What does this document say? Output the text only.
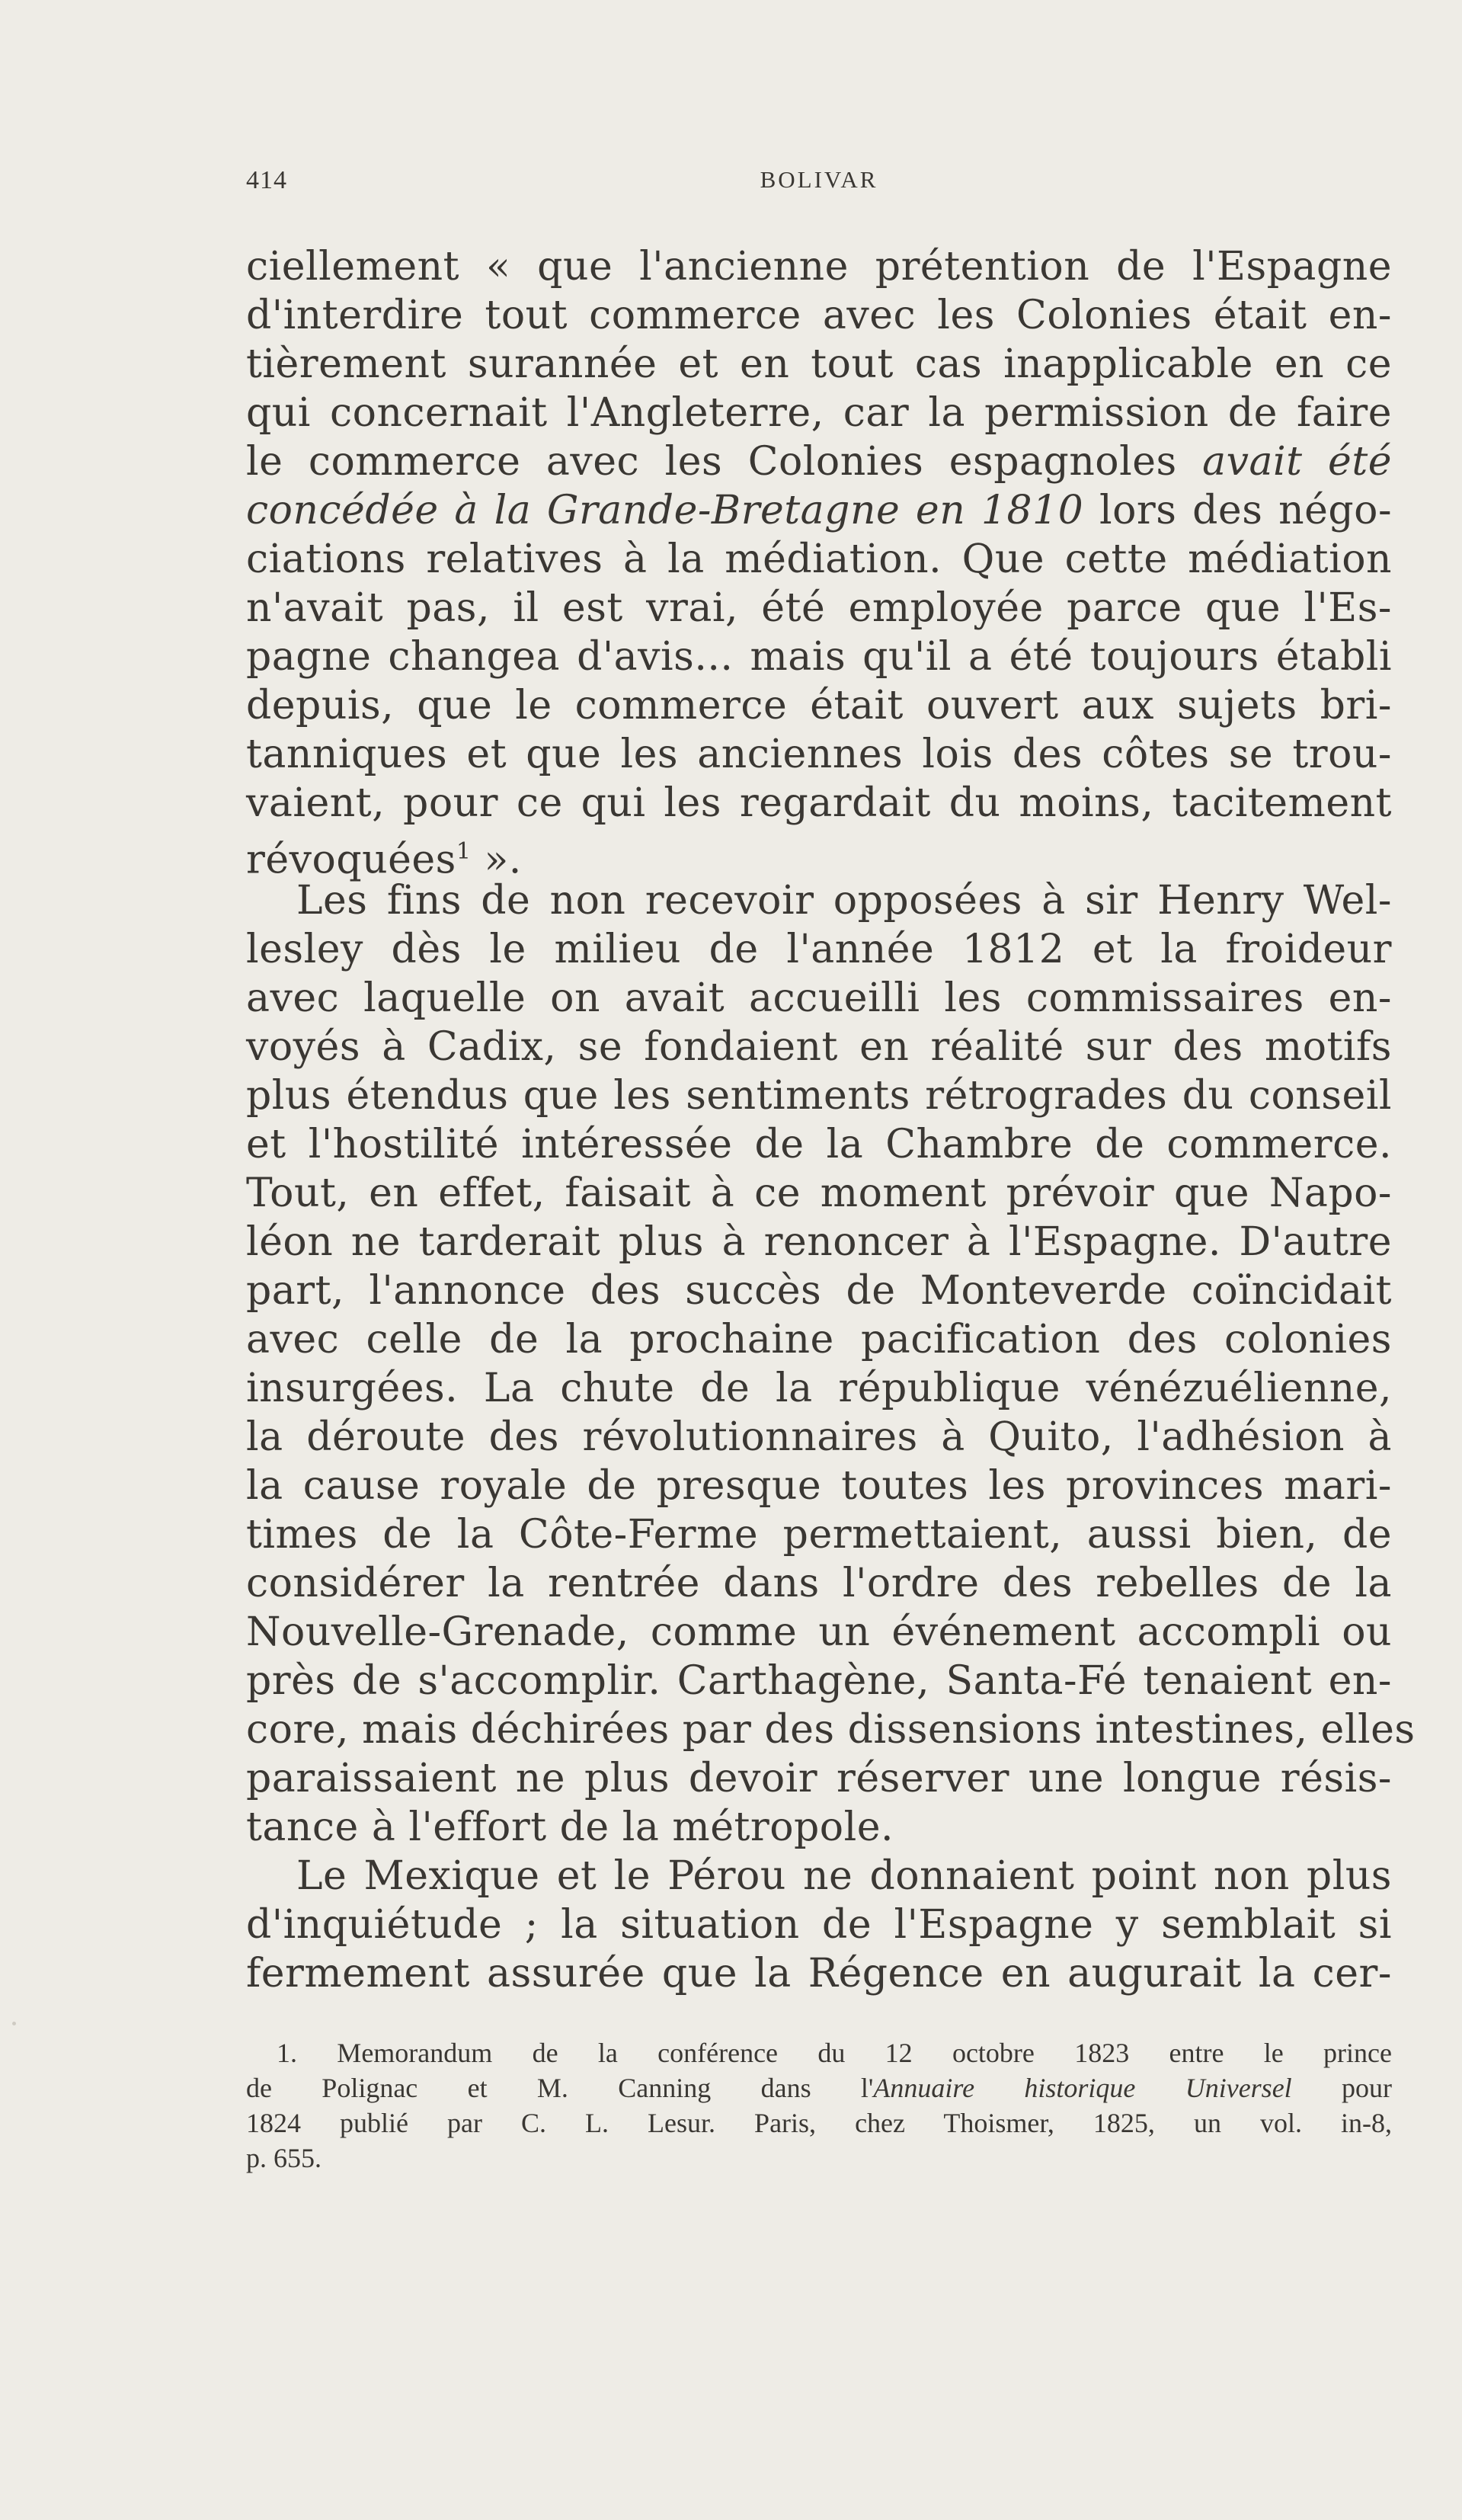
414	BOLIVAR
ciellement « que l'ancienne prétention de l'Espagne
d'interdire tout commerce avec les Colonies était en-
tièrement surannée et en tout cas inapplicable en ce
qui concernait l'Angleterre, car la permission de faire
le commerce avec les Colonies espagnoles avait été
concédée à la Grande-Bretagne en 1810 lors des négo-
ciations relatives à la médiation. Que cette médiation
n'avait pas, il est vrai, été employée parce que l'Es-
pagne changea d'avis... mais qu'il a été toujours établi
depuis, que le commerce était ouvert aux sujets bri-
tanniques et que les anciennes lois des côtes se trou-
vaient, pour ce qui les regardait du moins, tacitement
révoquées$^1$ ».
Les fins de non recevoir opposées à sir Henry Wel-
lesley dès le milieu de l'année 1812 et la froideur
avec laquelle on avait accueilli les commissaires en-
voyés à Cadix, se fondaient en réalité sur des motifs
plus étendus que les sentiments rétrogrades du conseil
et l'hostilité intéressée de la Chambre de commerce.
Tout, en effet, faisait à ce moment prévoir que Napo-
léon ne tarderait plus à renoncer à l'Espagne. D'autre
part, l'annonce des succès de Monteverde coïncidait
avec celle de la prochaine pacification des colonies
insurgées. La chute de la république vénézuélienne,
la déroute des révolutionnaires à Quito, l'adhésion à
la cause royale de presque toutes les provinces mari-
times de la Côte-Ferme permettaient, aussi bien, de
considérer la rentrée dans l'ordre des rebelles de la
Nouvelle-Grenade, comme un événement accompli ou
près de s'accomplir. Carthagène, Santa-Fé tenaient en-
core, mais déchirées par des dissensions intestines, elles
paraissaient ne plus devoir réserver une longue résis-
tance à l'effort de la métropole.
Le Mexique et le Pérou ne donnaient point non plus
d'inquiétude ; la situation de l'Espagne y semblait si
fermement assurée que la Régence en augurait la cer-
1. Memorandum de la conférence du 12 octobre 1823 entre le prince
de Polignac et M. Canning dans l'Annuaire historique Universel pour
1824 publié par C. L. Lesur. Paris, chez Thoismer, 1825, un vol. in-8,
p. 655.
